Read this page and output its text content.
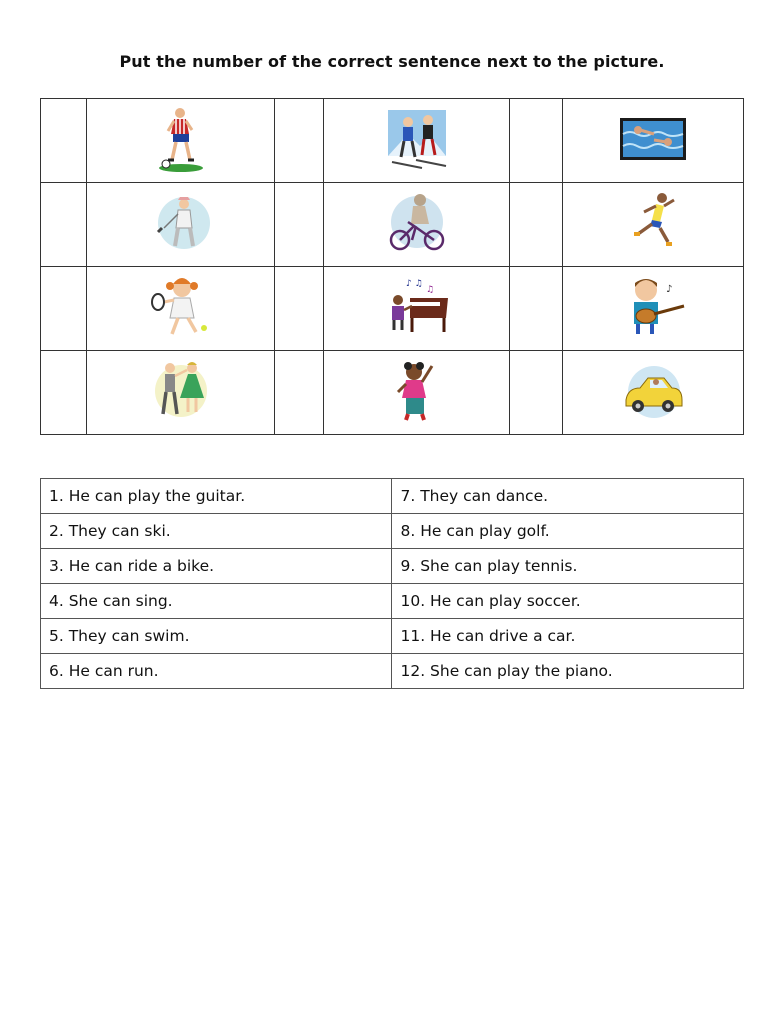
Put the number of the correct sentence next to the picture.

♪ ♫
♫		♪

1. He can play the guitar.	7. They can dance.
2. They can ski.	8. He can play golf.
3. He can ride a bike.	9. She can play tennis.
4. She can sing.	10. He can play soccer.
5. They can swim.	11. He can drive a car.
6. He can run.	12. She can play the piano.
